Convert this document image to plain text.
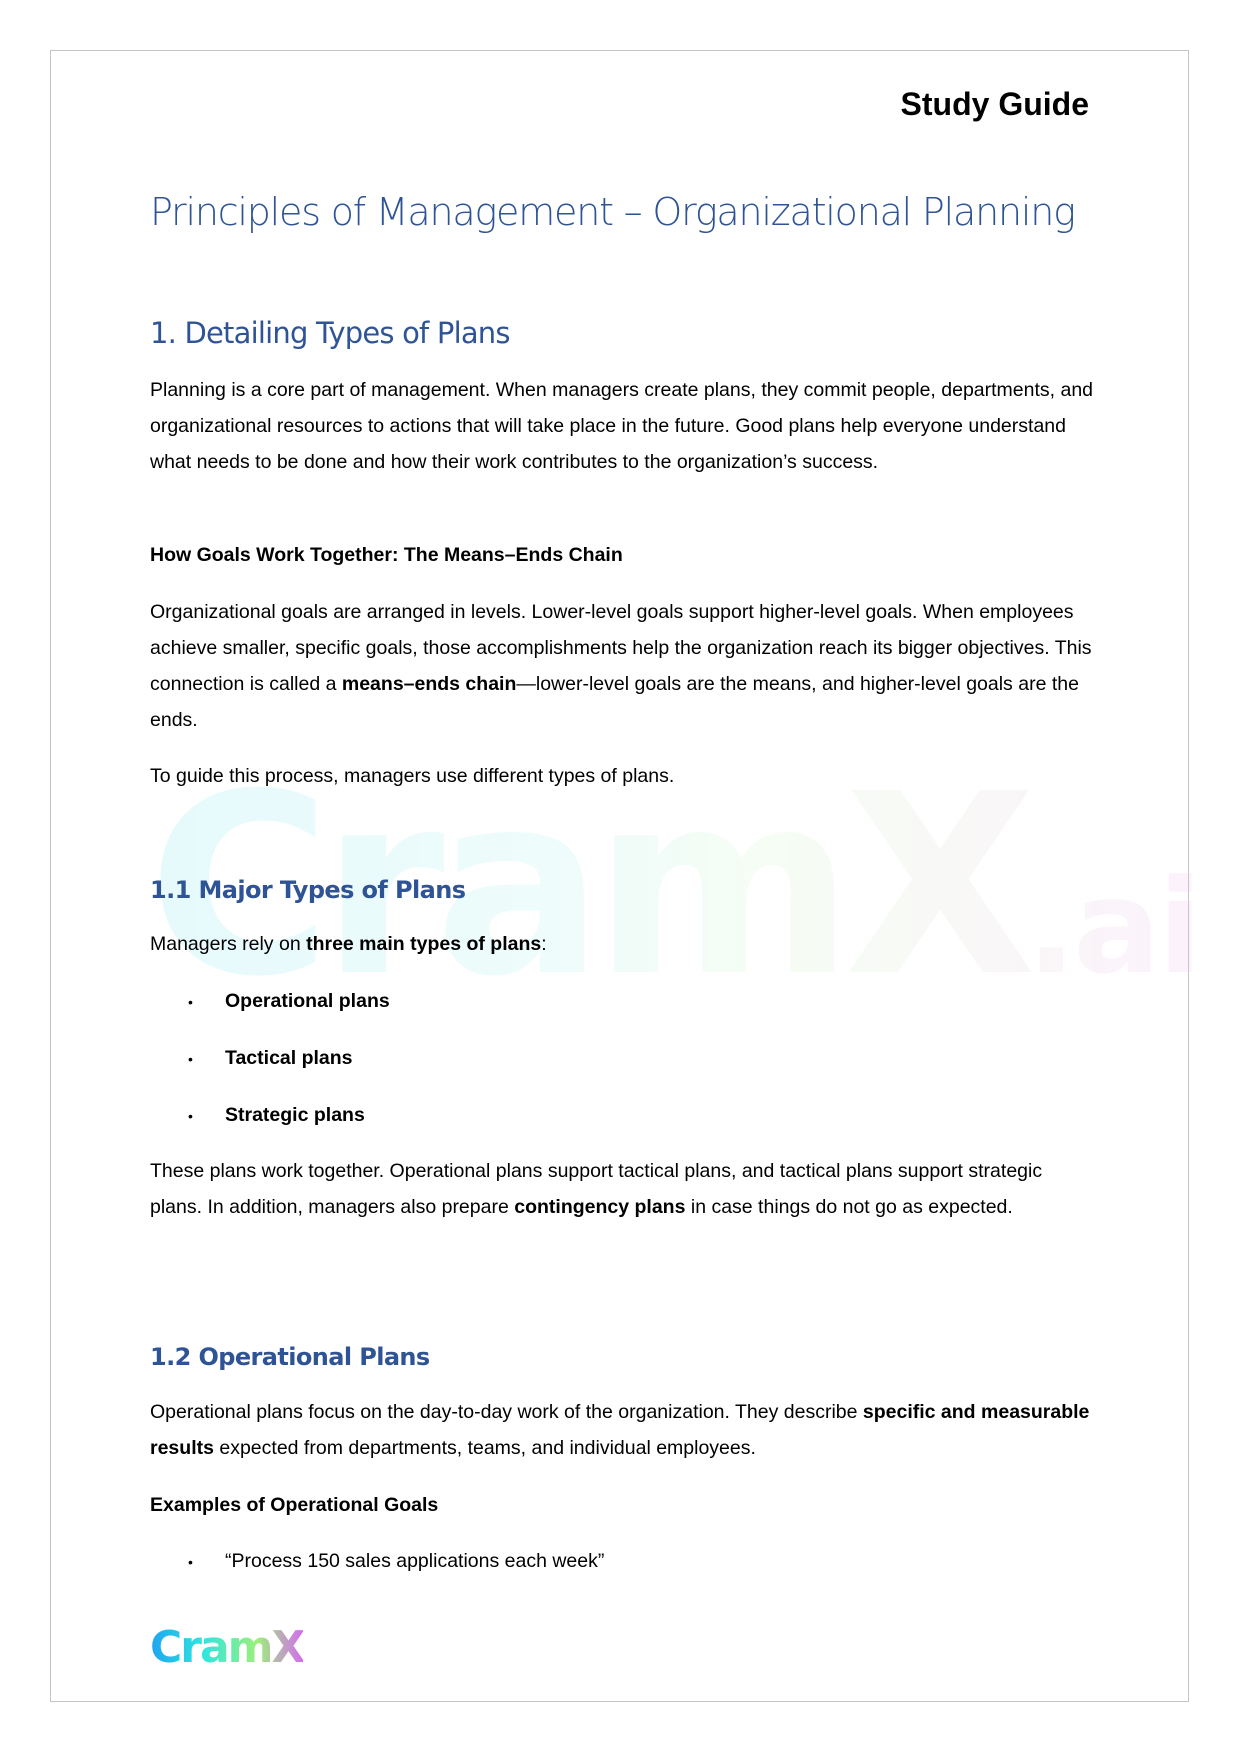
CramX.ai
Study Guide
Principles of Management – Organizational Planning
1. Detailing Types of Plans
Planning is a core part of management. When managers create plans, they commit people, departments, and organizational resources to actions that will take place in the future. Good plans help everyone understand what needs to be done and how their work contributes to the organization’s success.
How Goals Work Together: The Means–Ends Chain
Organizational goals are arranged in levels. Lower-level goals support higher-level goals. When employees achieve smaller, specific goals, those accomplishments help the organization reach its bigger objectives. This connection is called a means–ends chain—lower-level goals are the means, and higher-level goals are the ends.
To guide this process, managers use different types of plans.
1.1 Major Types of Plans
Managers rely on three main types of plans:
• Operational plans
• Tactical plans
• Strategic plans
These plans work together. Operational plans support tactical plans, and tactical plans support strategic plans. In addition, managers also prepare contingency plans in case things do not go as expected.
1.2 Operational Plans
Operational plans focus on the day-to-day work of the organization. They describe specific and measurable results expected from departments, teams, and individual employees.
Examples of Operational Goals
• “Process 150 sales applications each week”
CramX
